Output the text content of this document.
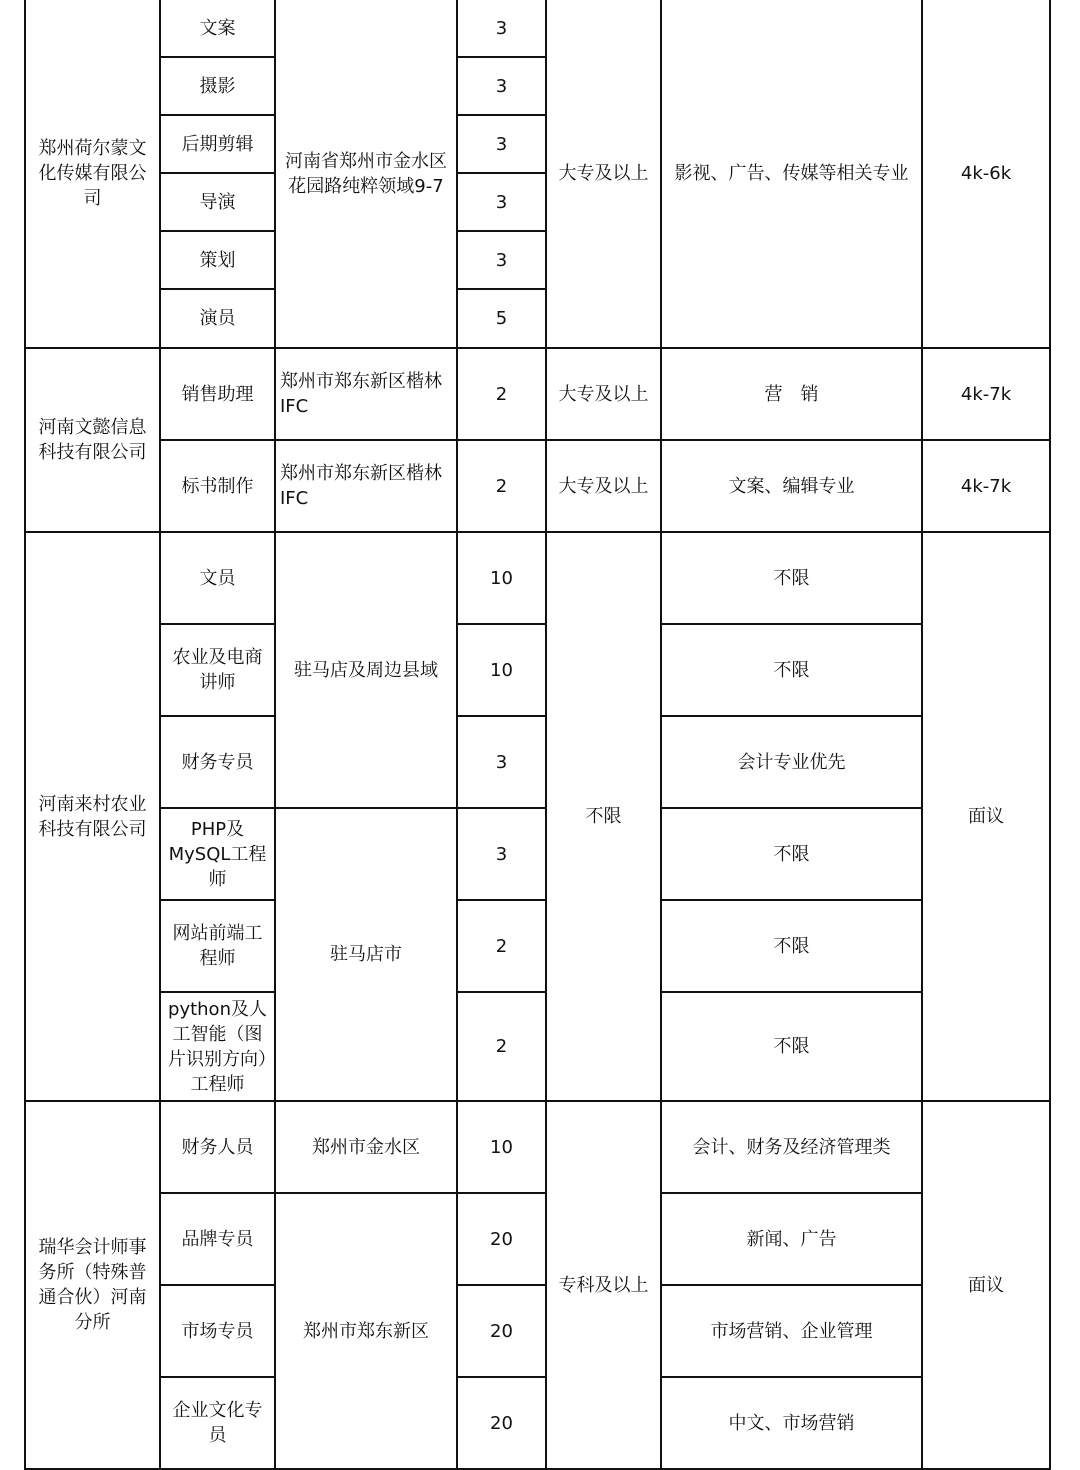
郑州荷尔蒙文化传媒有限公司	文案	河南省郑州市金水区花园路纯粹领域9-7	3	大专及以上	影视、广告、传媒等相关专业	4k-6k
	摄影		3			
	后期剪辑		3			
	导演		3			
	策划		3			
	演员		5			
河南文懿信息科技有限公司	销售助理	郑州市郑东新区楷林IFC	2	大专及以上	营　销	4k-7k
	标书制作	郑州市郑东新区楷林IFC	2	大专及以上	文案、编辑专业	4k-7k
河南来村农业科技有限公司	文员	驻马店及周边县域	10	不限	不限	面议
	农业及电商讲师		10		不限	
	财务专员		3		会计专业优先	
	PHP及MySQL工程师	驻马店市	3		不限	
	网站前端工程师		2		不限	
	python及人工智能（图片识别方向）工程师		2		不限	
瑞华会计师事务所（特殊普通合伙）河南分所	财务人员	郑州市金水区	10	专科及以上	会计、财务及经济管理类	面议
	品牌专员	郑州市郑东新区	20		新闻、广告	
	市场专员		20		市场营销、企业管理	
	企业文化专员		20		中文、市场营销	
